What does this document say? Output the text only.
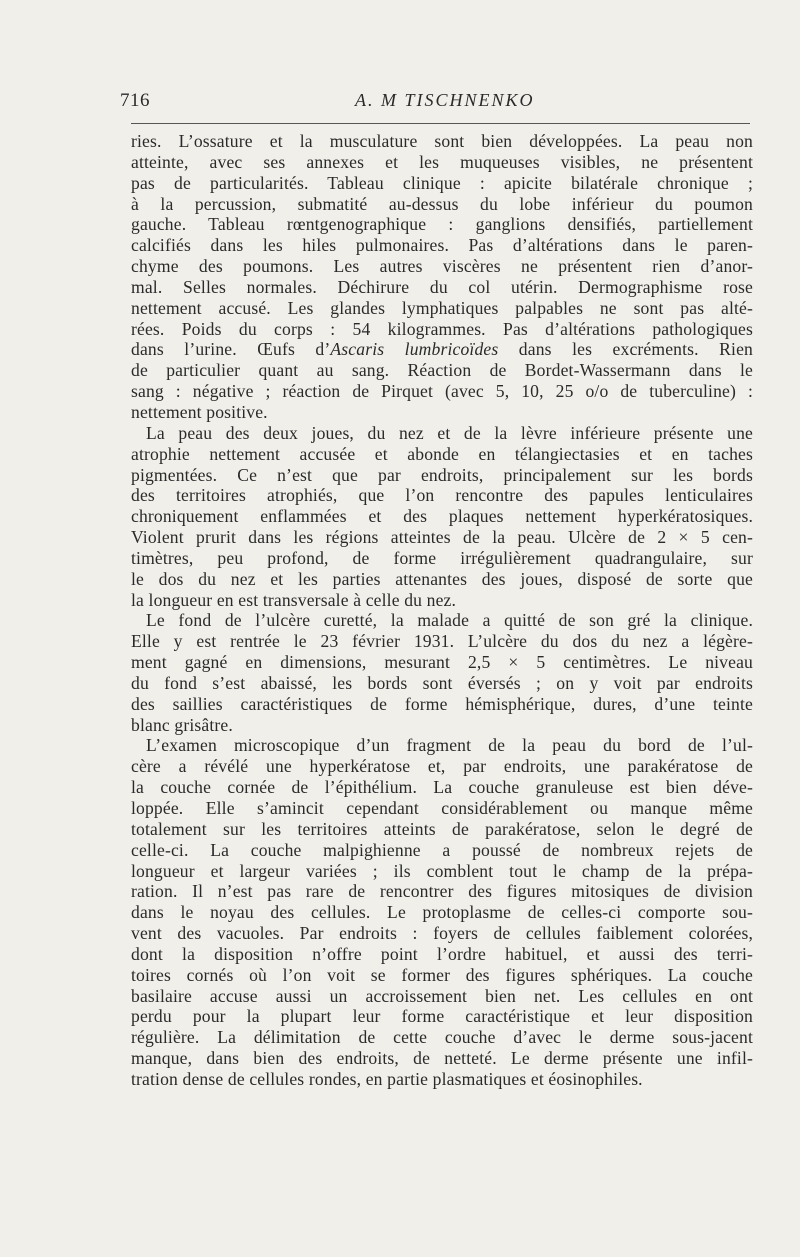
716	A. M TISCHNENKO
ries. L’ossature et la musculature sont bien développées. La peau non
atteinte, avec ses annexes et les muqueuses visibles, ne présentent
pas de particularités. Tableau clinique : apicite bilatérale chronique ;
à la percussion, submatité au-dessus du lobe inférieur du poumon
gauche. Tableau rœntgenographique : ganglions densifiés, partiellement
calcifiés dans les hiles pulmonaires. Pas d’altérations dans le paren-
chyme des poumons. Les autres viscères ne présentent rien d’anor-
mal. Selles normales. Déchirure du col utérin. Dermographisme rose
nettement accusé. Les glandes lymphatiques palpables ne sont pas alté-
rées. Poids du corps : 54 kilogrammes. Pas d’altérations pathologiques
dans l’urine. Œufs d’Ascaris lumbricoïdes dans les excréments. Rien
de particulier quant au sang. Réaction de Bordet-Wassermann dans le
sang : négative ; réaction de Pirquet (avec 5, 10, 25 o/o de tuberculine) :
nettement positive.
La peau des deux joues, du nez et de la lèvre inférieure présente une
atrophie nettement accusée et abonde en télangiectasies et en taches
pigmentées. Ce n’est que par endroits, principalement sur les bords
des territoires atrophiés, que l’on rencontre des papules lenticulaires
chroniquement enflammées et des plaques nettement hyperkératosiques.
Violent prurit dans les régions atteintes de la peau. Ulcère de 2 × 5 cen-
timètres, peu profond, de forme irrégulièrement quadrangulaire, sur
le dos du nez et les parties attenantes des joues, disposé de sorte que
la longueur en est transversale à celle du nez.
Le fond de l’ulcère curetté, la malade a quitté de son gré la clinique.
Elle y est rentrée le 23 février 1931. L’ulcère du dos du nez a légère-
ment gagné en dimensions, mesurant 2,5 × 5 centimètres. Le niveau
du fond s’est abaissé, les bords sont éversés ; on y voit par endroits
des saillies caractéristiques de forme hémisphérique, dures, d’une teinte
blanc grisâtre.
L’examen microscopique d’un fragment de la peau du bord de l’ul-
cère a révélé une hyperkératose et, par endroits, une parakératose de
la couche cornée de l’épithélium. La couche granuleuse est bien déve-
loppée. Elle s’amincit cependant considérablement ou manque même
totalement sur les territoires atteints de parakératose, selon le degré de
celle-ci. La couche malpighienne a poussé de nombreux rejets de
longueur et largeur variées ; ils comblent tout le champ de la prépa-
ration. Il n’est pas rare de rencontrer des figures mitosiques de division
dans le noyau des cellules. Le protoplasme de celles-ci comporte sou-
vent des vacuoles. Par endroits : foyers de cellules faiblement colorées,
dont la disposition n’offre point l’ordre habituel, et aussi des terri-
toires cornés où l’on voit se former des figures sphériques. La couche
basilaire accuse aussi un accroissement bien net. Les cellules en ont
perdu pour la plupart leur forme caractéristique et leur disposition
régulière. La délimitation de cette couche d’avec le derme sous-jacent
manque, dans bien des endroits, de netteté. Le derme présente une infil-
tration dense de cellules rondes, en partie plasmatiques et éosinophiles.
